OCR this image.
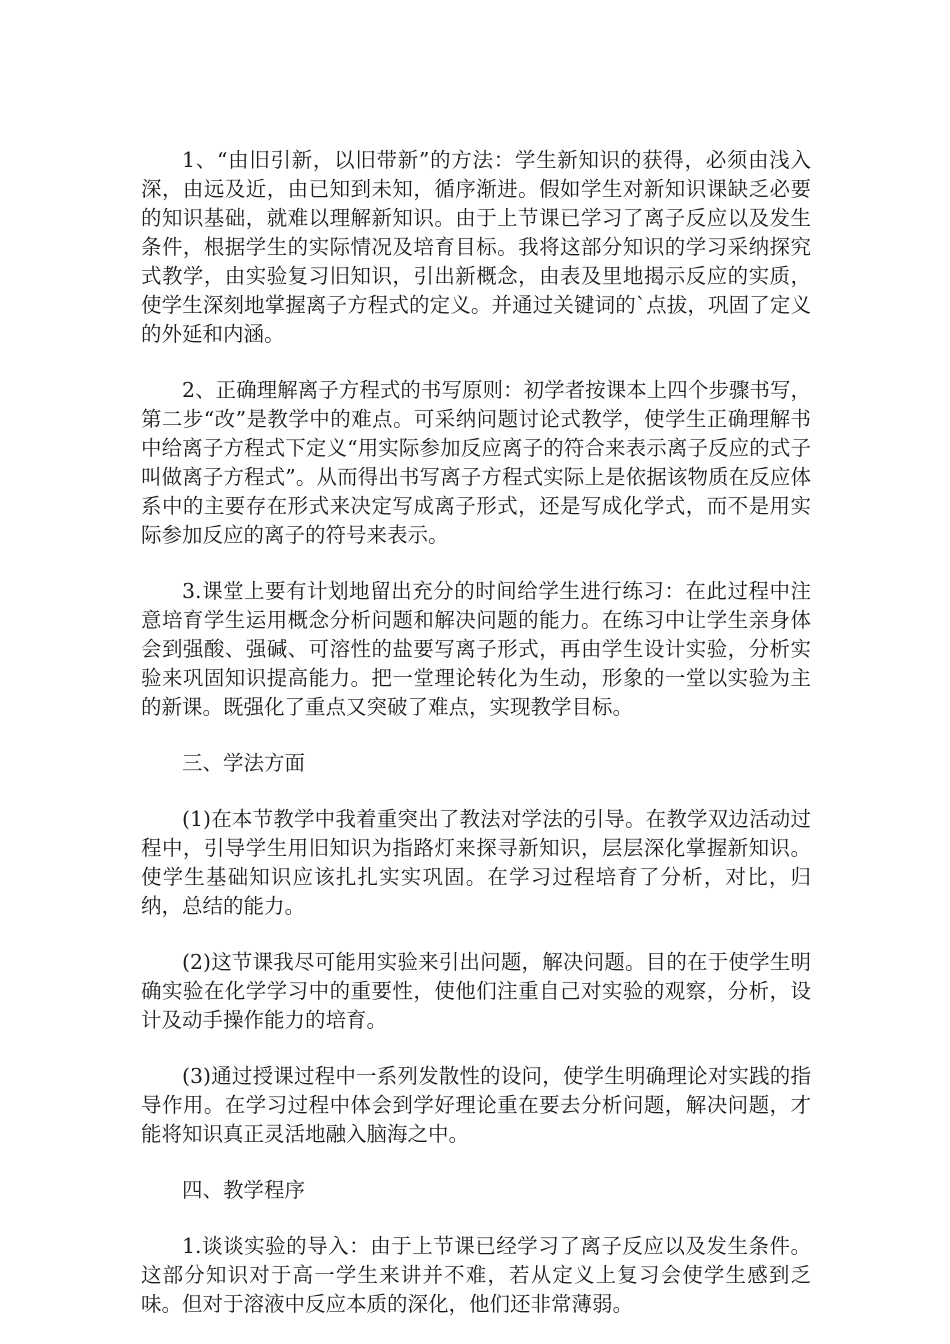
1、“由旧引新，以旧带新”的方法：学生新知识的获得，必须由浅入深，由远及近，由已知到未知，循序渐进。假如学生对新知识课缺乏必要的知识基础，就难以理解新知识。由于上节课已学习了离子反应以及发生条件，根据学生的实际情况及培育目标。我将这部分知识的学习采纳探究式教学，由实验复习旧知识，引出新概念，由表及里地揭示反应的实质，使学生深刻地掌握离子方程式的定义。并通过关键词的`点拔，巩固了定义的外延和内涵。

2、正确理解离子方程式的书写原则：初学者按课本上四个步骤书写，第二步“改”是教学中的难点。可采纳问题讨论式教学，使学生正确理解书中给离子方程式下定义“用实际参加反应离子的符合来表示离子反应的式子叫做离子方程式”。从而得出书写离子方程式实际上是依据该物质在反应体系中的主要存在形式来决定写成离子形式，还是写成化学式，而不是用实际参加反应的离子的符号来表示。

3.课堂上要有计划地留出充分的时间给学生进行练习：在此过程中注意培育学生运用概念分析问题和解决问题的能力。在练习中让学生亲身体会到强酸、强碱、可溶性的盐要写离子形式，再由学生设计实验，分析实验来巩固知识提高能力。把一堂理论转化为生动，形象的一堂以实验为主的新课。既强化了重点又突破了难点，实现教学目标。

三、学法方面

(1)在本节教学中我着重突出了教法对学法的引导。在教学双边活动过程中，引导学生用旧知识为指路灯来探寻新知识，层层深化掌握新知识。使学生基础知识应该扎扎实实巩固。在学习过程培育了分析，对比，归纳，总结的能力。

(2)这节课我尽可能用实验来引出问题，解决问题。目的在于使学生明确实验在化学学习中的重要性，使他们注重自己对实验的观察，分析，设计及动手操作能力的培育。

(3)通过授课过程中一系列发散性的设问，使学生明确理论对实践的指导作用。在学习过程中体会到学好理论重在要去分析问题，解决问题，才能将知识真正灵活地融入脑海之中。

四、教学程序

1.谈谈实验的导入：由于上节课已经学习了离子反应以及发生条件。这部分知识对于高一学生来讲并不难，若从定义上复习会使学生感到乏味。但对于溶液中反应本质的深化，他们还非常薄弱。
